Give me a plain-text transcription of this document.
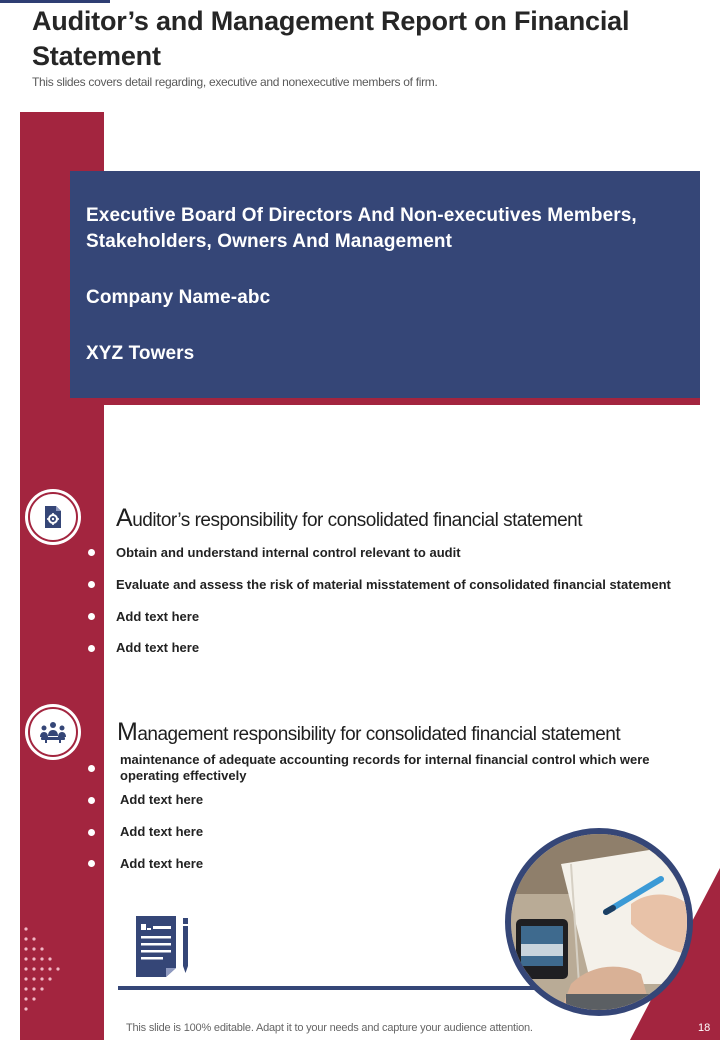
Auditor’s and Management Report on Financial Statement
This slides covers detail regarding, executive and nonexecutive members of firm.

Executive Board Of Directors And Non-executives Members, Stakeholders, Owners And Management

Company Name-abc

XYZ Towers

Auditor’s responsibility for consolidated financial statement
Obtain and understand internal control relevant to audit
Evaluate and assess the risk of material misstatement of consolidated financial statement
Add text here
Add text here
Management responsibility for consolidated financial statement
maintenance of adequate accounting records for internal financial control which were operating effectively
Add text here
Add text here
Add text here
This slide is 100% editable. Adapt it to your needs and capture your audience attention.	18
